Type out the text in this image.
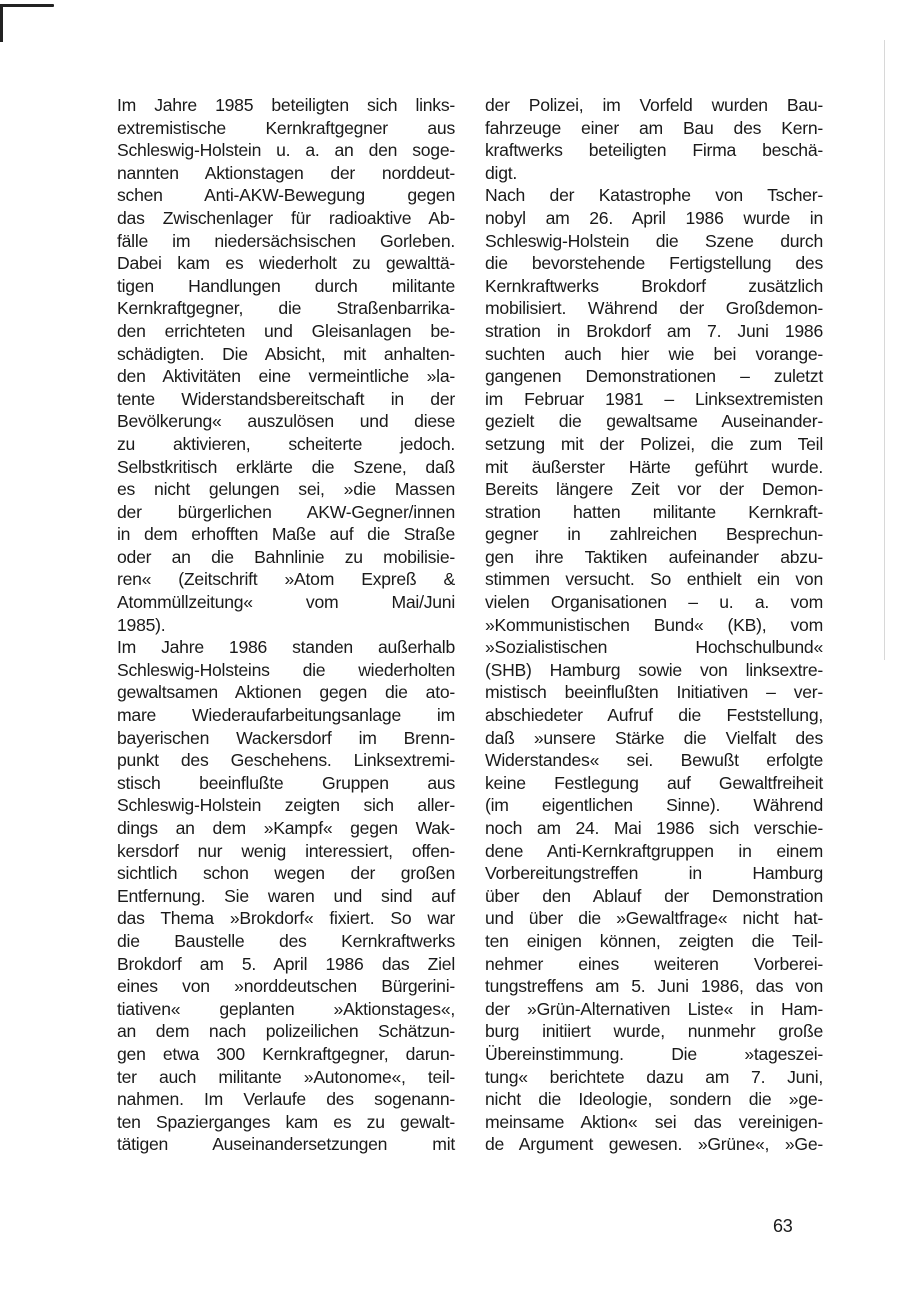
Im Jahre 1985 beteiligten sich links-
extremistische Kernkraftgegner aus
Schleswig-Holstein u. a. an den soge-
nannten Aktionstagen der norddeut-
schen Anti-AKW-Bewegung gegen
das Zwischenlager für radioaktive Ab-
fälle im niedersächsischen Gorleben.
Dabei kam es wiederholt zu gewalttä-
tigen Handlungen durch militante
Kernkraftgegner, die Straßenbarrika-
den errichteten und Gleisanlagen be-
schädigten. Die Absicht, mit anhalten-
den Aktivitäten eine vermeintliche »la-
tente Widerstandsbereitschaft in der
Bevölkerung« auszulösen und diese
zu aktivieren, scheiterte jedoch.
Selbstkritisch erklärte die Szene, daß
es nicht gelungen sei, »die Massen
der bürgerlichen AKW-Gegner/innen
in dem erhofften Maße auf die Straße
oder an die Bahnlinie zu mobilisie-
ren« (Zeitschrift »Atom Expreß &
Atommüllzeitung« vom Mai/Juni
1985).
Im Jahre 1986 standen außerhalb
Schleswig-Holsteins die wiederholten
gewaltsamen Aktionen gegen die ato-
mare Wiederaufarbeitungsanlage im
bayerischen Wackersdorf im Brenn-
punkt des Geschehens. Linksextremi-
stisch beeinflußte Gruppen aus
Schleswig-Holstein zeigten sich aller-
dings an dem »Kampf« gegen Wak-
kersdorf nur wenig interessiert, offen-
sichtlich schon wegen der großen
Entfernung. Sie waren und sind auf
das Thema »Brokdorf« fixiert. So war
die Baustelle des Kernkraftwerks
Brokdorf am 5. April 1986 das Ziel
eines von »norddeutschen Bürgerini-
tiativen« geplanten »Aktionstages«,
an dem nach polizeilichen Schätzun-
gen etwa 300 Kernkraftgegner, darun-
ter auch militante »Autonome«, teil-
nahmen. Im Verlaufe des sogenann-
ten Spazierganges kam es zu gewalt-
tätigen Auseinandersetzungen mit
der Polizei, im Vorfeld wurden Bau-
fahrzeuge einer am Bau des Kern-
kraftwerks beteiligten Firma beschä-
digt.
Nach der Katastrophe von Tscher-
nobyl am 26. April 1986 wurde in
Schleswig-Holstein die Szene durch
die bevorstehende Fertigstellung des
Kernkraftwerks Brokdorf zusätzlich
mobilisiert. Während der Großdemon-
stration in Brokdorf am 7. Juni 1986
suchten auch hier wie bei vorange-
gangenen Demonstrationen – zuletzt
im Februar 1981 – Linksextremisten
gezielt die gewaltsame Auseinander-
setzung mit der Polizei, die zum Teil
mit äußerster Härte geführt wurde.
Bereits längere Zeit vor der Demon-
stration hatten militante Kernkraft-
gegner in zahlreichen Besprechun-
gen ihre Taktiken aufeinander abzu-
stimmen versucht. So enthielt ein von
vielen Organisationen – u. a. vom
»Kommunistischen Bund« (KB), vom
»Sozialistischen Hochschulbund«
(SHB) Hamburg sowie von linksextre-
mistisch beeinflußten Initiativen – ver-
abschiedeter Aufruf die Feststellung,
daß »unsere Stärke die Vielfalt des
Widerstandes« sei. Bewußt erfolgte
keine Festlegung auf Gewaltfreiheit
(im eigentlichen Sinne). Während
noch am 24. Mai 1986 sich verschie-
dene Anti-Kernkraftgruppen in einem
Vorbereitungstreffen in Hamburg
über den Ablauf der Demonstration
und über die »Gewaltfrage« nicht hat-
ten einigen können, zeigten die Teil-
nehmer eines weiteren Vorberei-
tungstreffens am 5. Juni 1986, das von
der »Grün-Alternativen Liste« in Ham-
burg initiiert wurde, nunmehr große
Übereinstimmung. Die »tageszei-
tung« berichtete dazu am 7. Juni,
nicht die Ideologie, sondern die »ge-
meinsame Aktion« sei das vereinigen-
de Argument gewesen. »Grüne«, »Ge-
63
